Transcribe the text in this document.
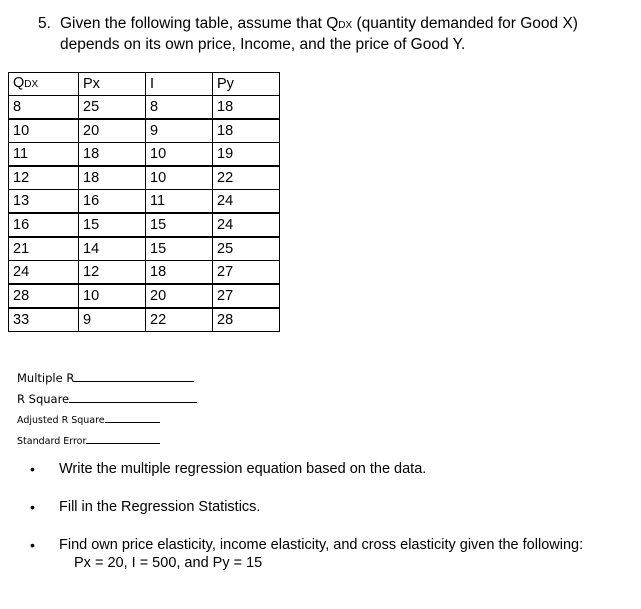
5. Given the following table, assume that QDX (quantity demanded for Good X)
depends on its own price, Income, and the price of Good Y.
QDX	Px	I	Py
8	25	8	18
10	20	9	18
11	18	10	19
12	18	10	22
13	16	11	24
16	15	15	24
21	14	15	25
24	12	18	27
28	10	20	27
33	9	22	28
Multiple R
R Square
Adjusted R Square
Standard Error
• Write the multiple regression equation based on the data.
• Fill in the Regression Statistics.
• Find own price elasticity, income elasticity, and cross elasticity given the following:
Px = 20, I = 500, and Py = 15
